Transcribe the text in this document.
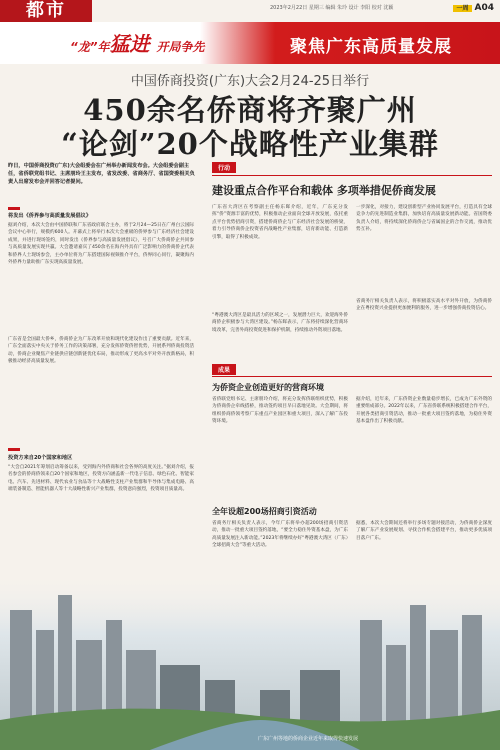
都市	2023年2月22日 星期三 编辑 朱玲 设计 李阳 校对 沈颖	一周 A04
“龙”年猛进 开局争先	聚焦广东高质量发展
中国侨商投资(广东)大会2月24-25日举行
450余名侨商将齐聚广州
“论剑”20个战略性产业集群
昨日，中国侨商投资(广东)大会组委会在广州举办新闻发布会。大会组委会副主任，省侨联党组书记、主席朋玲王主发布，省发改委、省商务厅、省国资委相关负责人出席发布会并回答记者提问。
将发出《侨界参与高质量发展倡议》
据刘介绍，本次大会由中国侨联和广东省政府联合主办，将于2月24—25日在广州白云国际会议中心举行，规模约600人。开幕式上将举行本次大会重磅的侨界参与广东经济社会建设成果，并进行现场签约，同时发出《侨界参与高质量发展倡议》，号召广大侨商侨企共同参与高质量发展实现共赢。大会邀请嘉宾了450余名在海内外具有广泛影响力的侨商侨企代表和侨界人士现场参会，主办单位将为广东搭建国际视频推介平台，侨界同心同行，凝聚海内外侨界力量助推广东实现高质量发展。
广东省是全国最大侨乡，侨商侨企为广东改革开放和现代化建设作出了重要贡献。近年来，广东全面落实中央关于侨务工作的决策部署，充分发挥侨资侨智优势，开展系列侨商投资活动，侨商企业聚焦产业链供应链创新链优化布局，推动形成了更高水平对外开放新格局，积极推动经济高质量发展。
投资方来自20个国家和地区
“大会自2021年筹划启动筹备以来，受到海内外侨商和社会各界的高度关注。”据刘介绍，报名参会的侨商侨领来自20个国家和地区，投资方向涵盖新一代电子信息、绿色石化、智能家电、汽车、先进材料、现代农业与食品等十大战略性支柱产业集群和半导体与集成电路、高端装备制造、智能机器人等十大战略性新兴产业集群，投资意向强烈，投资项目质量高。
行动
建设重点合作平台和载体 多项举措促侨商发展
广东省大湾区在考察副主任杨东晖介绍，近年，广东充分发挥“侨”资源丰富的优势，积极推动企业面向全球开放发展，依托重点平台优势招商引资，搭建侨商侨企与广东经济社会发展的桥梁，着力引导侨商侨企投资省内战略性产业集群，培育新动能、打造新引擎，取得了积极成效。
“粤港澳大湾区是最具活力的区域之一，发展潜力巨大，欢迎海外侨商侨企积极参与大湾区建设。”杨东晖表示，广东将持续深化营商环境改革，完善外商投资促进和保护机制，持续推动外资项目落地。
一步深化，对接力，建设创新型产业协同发展平台，打造具有全球竞争力的先进制造业集群，加快培育高质量发展新动能。省国资委负责人介绍，将持续深化侨商侨企与省属国企的合作交流，推动优势互补。
省商务厅相关负责人表示，将积极落实高水平对外开放，为侨商侨企在粤投资兴业提供更加便利的服务，进一步增强侨商投资信心。
成果
为侨资企业创造更好的营商环境
省侨联党组书记、主席朋玲介绍，将充分发挥侨联组织优势，积极为侨商侨企牵线搭桥，推动签约项目早日落地见效。大会期间，将组织侨商侨领考察广东重点产业园区和重大项目，深入了解广东投资环境。
据介绍，近年来，广东侨资企业数量稳步增长，已成为广东外资的重要组成部分。2022年以来，广东省侨联系统积极搭建合作平台，开展各类招商引资活动，推动一批重大项目签约落地，为稳住外资基本盘作出了积极贡献。
全年设超200场招商引资活动
省商务厅相关负责人表示，今年广东将举办超200场招商引资活动，推动一批重大项目签约落地，“要全力稳住外资基本盘，为广东高质量发展注入新动能。”2023年将继续办好“粤港澳大湾区（广东）全球招商大会”等重大活动。
据悉，本次大会期间还将举行多场专题对接活动，为侨商侨企深度了解广东产业发展规划、寻找合作机会搭建平台，推动更多优质项目落户广东。
广东广州等地的侨商企业近年来取得快速发展
